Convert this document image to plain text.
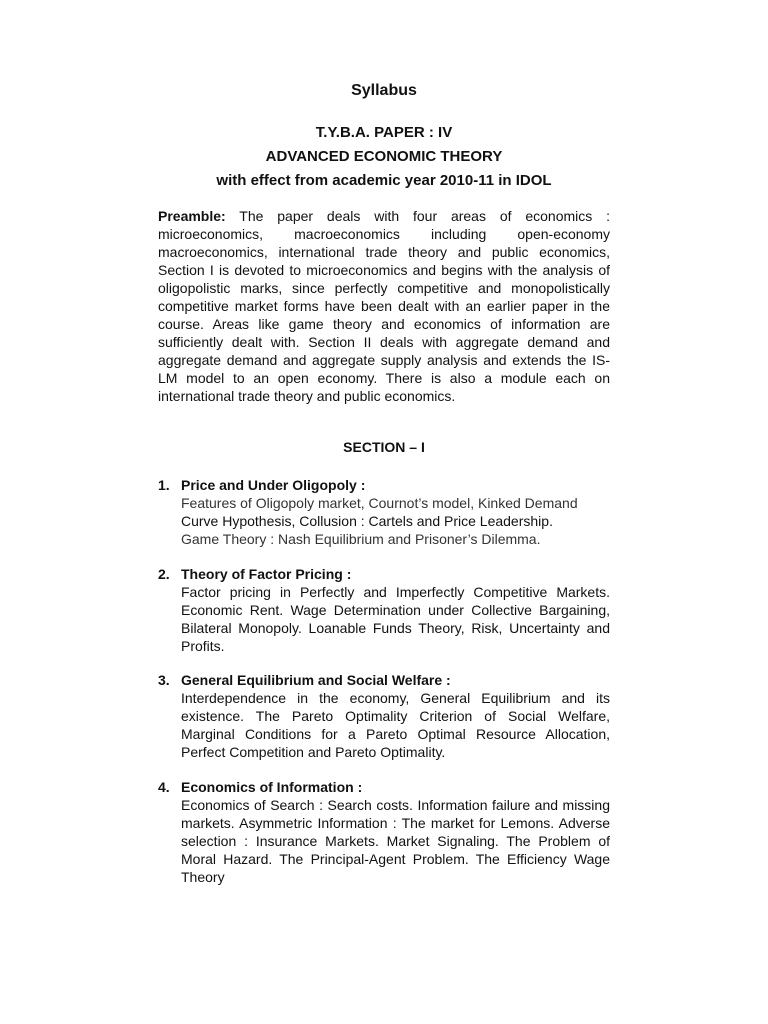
Syllabus
T.Y.B.A. PAPER : IV
ADVANCED ECONOMIC THEORY
with effect from academic year 2010-11 in IDOL
Preamble: The paper deals with four areas of economics : microeconomics, macroeconomics including open-economy macroeconomics, international trade theory and public economics, Section I is devoted to microeconomics and begins with the analysis of oligopolistic marks, since perfectly competitive and monopolistically competitive market forms have been dealt with an earlier paper in the course. Areas like game theory and economics of information are sufficiently dealt with. Section II deals with aggregate demand and aggregate demand and aggregate supply analysis and extends the IS-LM model to an open economy. There is also a module each on international trade theory and public economics.
SECTION – I
1. Price and Under Oligopoly :
Features of Oligopoly market, Cournot’s model, Kinked Demand
Curve Hypothesis, Collusion : Cartels and Price Leadership.
Game Theory : Nash Equilibrium and Prisoner’s Dilemma.
2. Theory of Factor Pricing :
Factor pricing in Perfectly and Imperfectly Competitive Markets. Economic Rent. Wage Determination under Collective Bargaining, Bilateral Monopoly. Loanable Funds Theory, Risk, Uncertainty and Profits.
3. General Equilibrium and Social Welfare :
Interdependence in the economy, General Equilibrium and its existence. The Pareto Optimality Criterion of Social Welfare, Marginal Conditions for a Pareto Optimal Resource Allocation, Perfect Competition and Pareto Optimality.
4. Economics of Information :
Economics of Search : Search costs. Information failure and missing markets. Asymmetric Information : The market for Lemons. Adverse selection : Insurance Markets. Market Signaling. The Problem of Moral Hazard. The Principal-Agent Problem. The Efficiency Wage Theory
